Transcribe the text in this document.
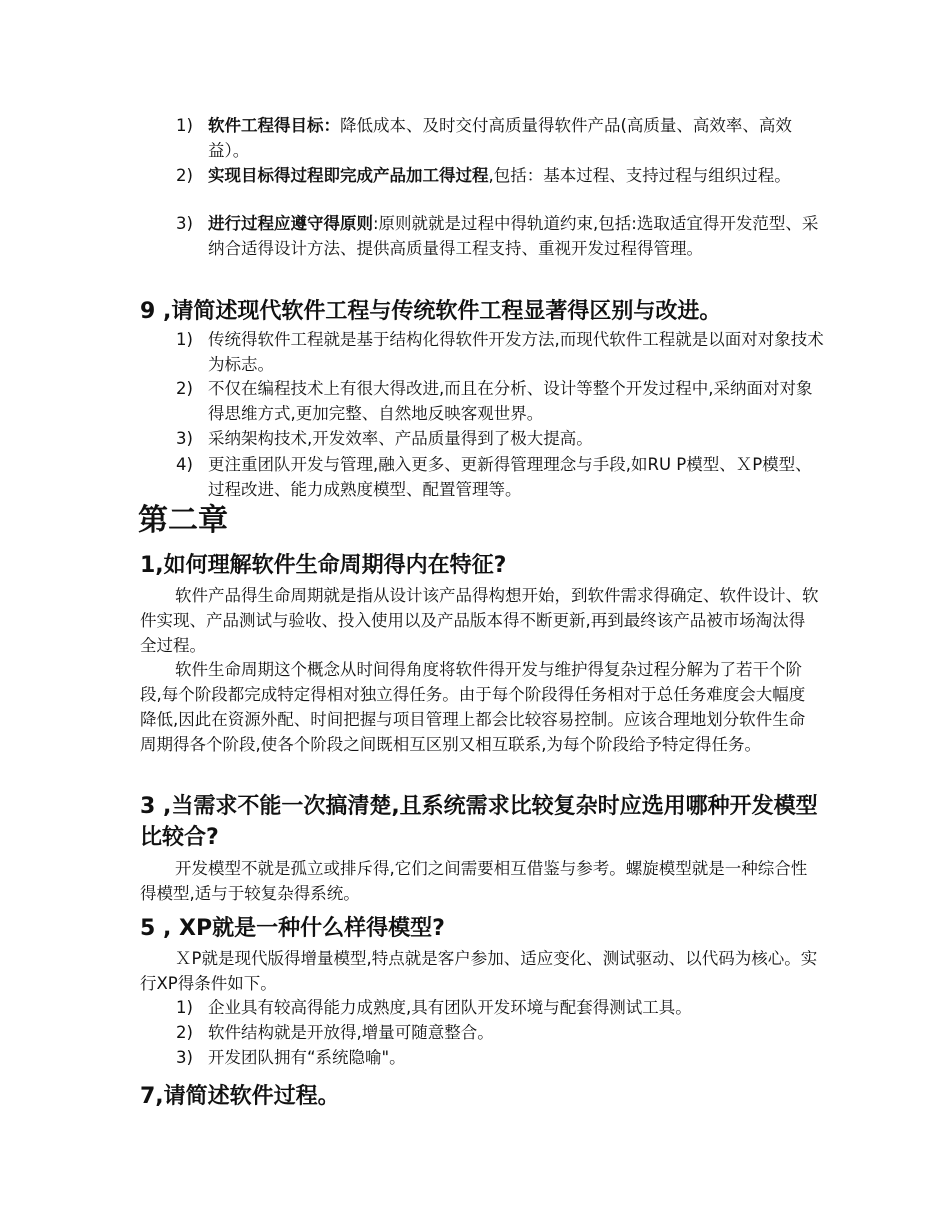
1) 软件工程得目标：降低成本、及时交付高质量得软件产品(高质量、高效率、高效益）。
2) 实现目标得过程即完成产品加工得过程,包括：基本过程、支持过程与组织过程。
3) 进行过程应遵守得原则:原则就就是过程中得轨道约束,包括:选取适宜得开发范型、采纳合适得设计方法、提供高质量得工程支持、重视开发过程得管理。
9 ,请简述现代软件工程与传统软件工程显著得区别与改进。
1) 传统得软件工程就是基于结构化得软件开发方法,而现代软件工程就是以面对对象技术为标志。
2) 不仅在编程技术上有很大得改进,而且在分析、设计等整个开发过程中,采纳面对对象得思维方式,更加完整、自然地反映客观世界。
3) 采纳架构技术,开发效率、产品质量得到了极大提高。
4) 更注重团队开发与管理,融入更多、更新得管理理念与手段,如RU P模型、ＸP模型、过程改进、能力成熟度模型、配置管理等。
第二章
1,如何理解软件生命周期得内在特征?
软件产品得生命周期就是指从设计该产品得构想开始，到软件需求得确定、软件设计、软件实现、产品测试与验收、投入使用以及产品版本得不断更新,再到最终该产品被市场淘汰得全过程。
软件生命周期这个概念从时间得角度将软件得开发与维护得复杂过程分解为了若干个阶段,每个阶段都完成特定得相对独立得任务。由于每个阶段得任务相对于总任务难度会大幅度降低,因此在资源外配、时间把握与项目管理上都会比较容易控制。应该合理地划分软件生命周期得各个阶段,使各个阶段之间既相互区别又相互联系,为每个阶段给予特定得任务。
3 ,当需求不能一次搞清楚,且系统需求比较复杂时应选用哪种开发模型比较合?
开发模型不就是孤立或排斥得,它们之间需要相互借鉴与参考。螺旋模型就是一种综合性得模型,适与于较复杂得系统。
5 , XP就是一种什么样得模型?
ＸP就是现代版得增量模型,特点就是客户参加、适应变化、测试驱动、以代码为核心。实行XP得条件如下。
1) 企业具有较高得能力成熟度,具有团队开发环境与配套得测试工具。
2) 软件结构就是开放得,增量可随意整合。
3) 开发团队拥有“系统隐喻"。
7,请简述软件过程。
